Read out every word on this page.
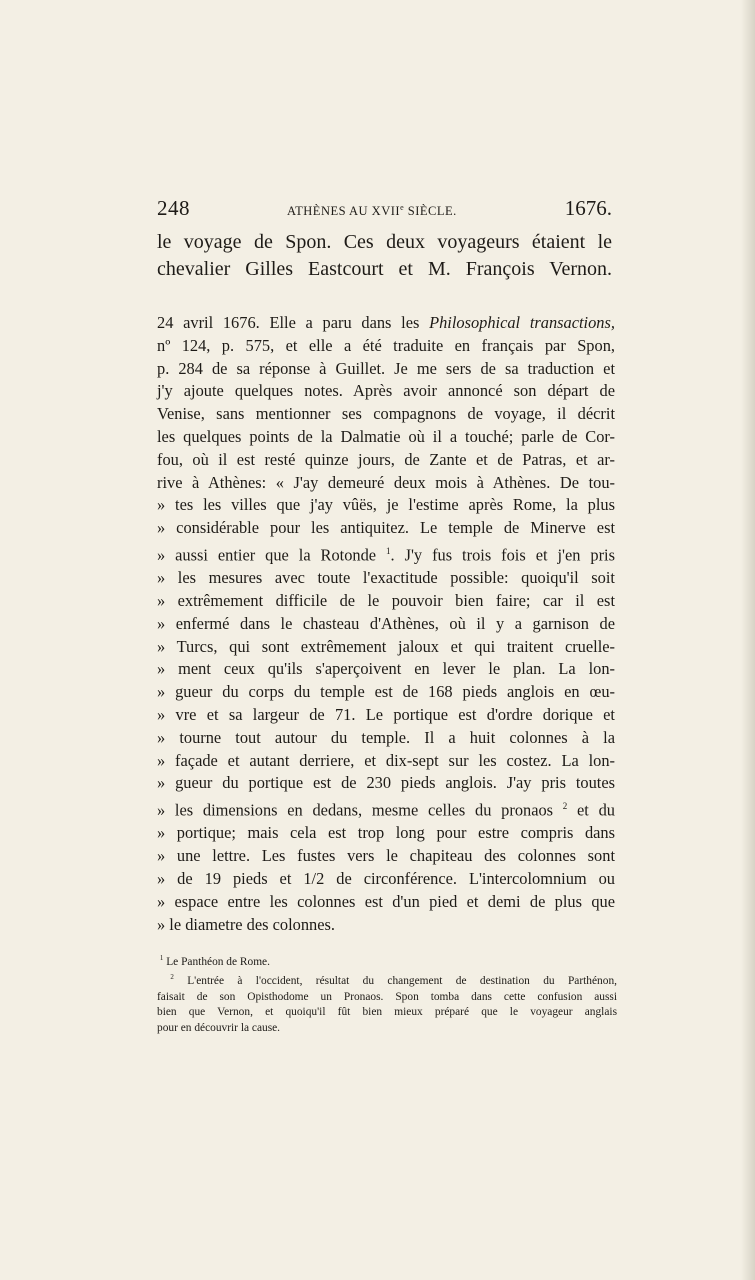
248	ATHÈNES AU XVIIe SIÈCLE.	1676.
le voyage de Spon. Ces deux voyageurs étaient le
chevalier Gilles Eastcourt et M. François Vernon.
24 avril 1676. Elle a paru dans les Philosophical transactions,
nº 124, p. 575, et elle a été traduite en français par Spon,
p. 284 de sa réponse à Guillet. Je me sers de sa traduction et
j'y ajoute quelques notes. Après avoir annoncé son départ de
Venise, sans mentionner ses compagnons de voyage, il décrit
les quelques points de la Dalmatie où il a touché; parle de Cor-
fou, où il est resté quinze jours, de Zante et de Patras, et ar-
rive à Athènes: « J'ay demeuré deux mois à Athènes. De tou-
» tes les villes que j'ay vûës, je l'estime après Rome, la plus
» considérable pour les antiquitez. Le temple de Minerve est
» aussi entier que la Rotonde $^1$. J'y fus trois fois et j'en pris
» les mesures avec toute l'exactitude possible: quoiqu'il soit
» extrêmement difficile de le pouvoir bien faire; car il est
» enfermé dans le chasteau d'Athènes, où il y a garnison de
» Turcs, qui sont extrêmement jaloux et qui traitent cruelle-
» ment ceux qu'ils s'aperçoivent en lever le plan. La lon-
» gueur du corps du temple est de 168 pieds anglois en œu-
» vre et sa largeur de 71. Le portique est d'ordre dorique et
» tourne tout autour du temple. Il a huit colonnes à la
» façade et autant derriere, et dix-sept sur les costez. La lon-
» gueur du portique est de 230 pieds anglois. J'ay pris toutes
» les dimensions en dedans, mesme celles du pronaos $^2$ et du
» portique; mais cela est trop long pour estre compris dans
» une lettre. Les fustes vers le chapiteau des colonnes sont
» de 19 pieds et 1/2 de circonférence. L'intercolomnium ou
» espace entre les colonnes est d'un pied et demi de plus que
» le diametre des colonnes.
$^1$ Le Panthéon de Rome.
$^2$ L'entrée à l'occident, résultat du changement de destination du Parthénon,
faisait de son Opisthodome un Pronaos. Spon tomba dans cette confusion aussi
bien que Vernon, et quoiqu'il fût bien mieux préparé que le voyageur anglais
pour en découvrir la cause.
